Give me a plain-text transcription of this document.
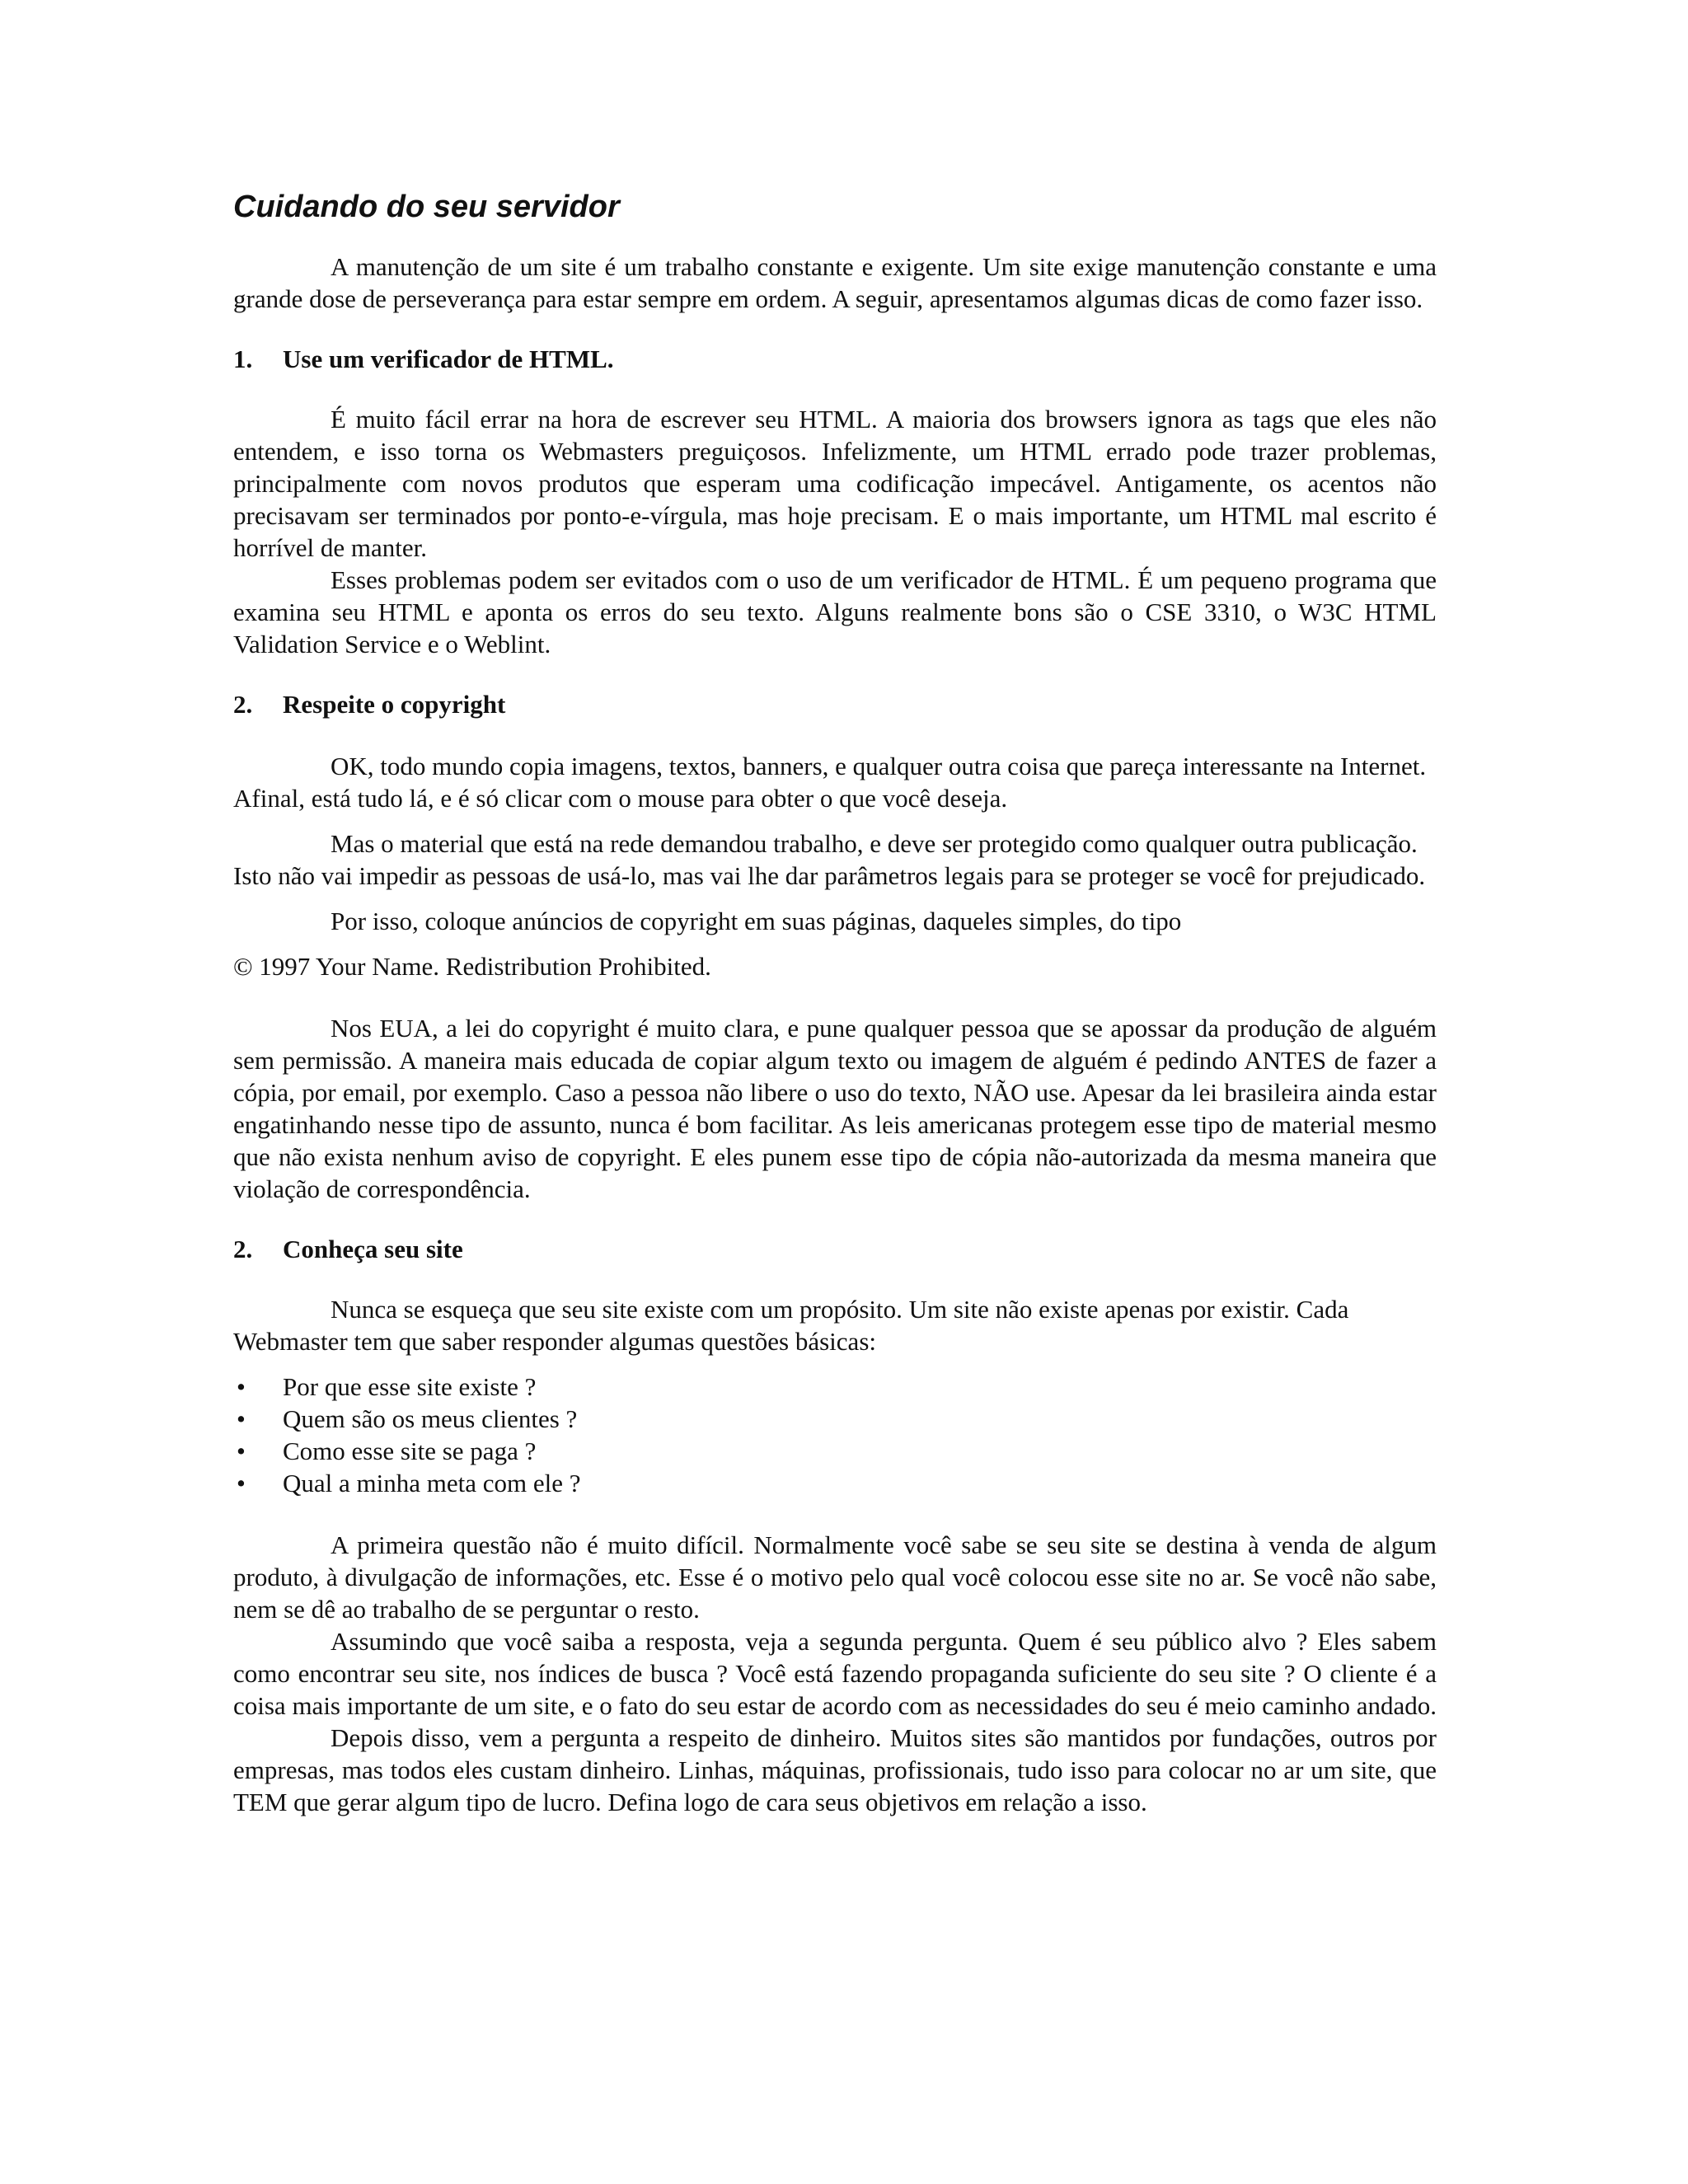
Cuidando do seu servidor

A manutenção de um site é um trabalho constante e exigente. Um site exige manutenção constante e uma grande dose de perseverança para estar sempre em ordem. A seguir, apresentamos algumas dicas de como fazer isso.

1.	Use um verificador de HTML.

É muito fácil errar na hora de escrever seu HTML. A maioria dos browsers ignora as tags que eles não entendem, e isso torna os Webmasters preguiçosos. Infelizmente, um HTML errado pode trazer problemas, principalmente com novos produtos que esperam uma codificação impecável. Antigamente, os acentos não precisavam ser terminados por ponto-e-vírgula, mas hoje precisam. E o mais importante, um HTML mal escrito é horrível de manter.

Esses problemas podem ser evitados com o uso de um verificador de HTML. É um pequeno programa que examina seu HTML e aponta os erros do seu texto. Alguns realmente bons são o CSE 3310, o W3C HTML Validation Service e o Weblint.

2.	Respeite o copyright

OK, todo mundo copia imagens, textos, banners, e qualquer outra coisa que pareça interessante na Internet. Afinal, está tudo lá, e é só clicar com o mouse para obter o que você deseja.

Mas o material que está na rede demandou trabalho, e deve ser protegido como qualquer outra publicação. Isto não vai impedir as pessoas de usá-lo, mas vai lhe dar parâmetros legais para se proteger se você for prejudicado.

Por isso, coloque anúncios de copyright em suas páginas, daqueles simples, do tipo

© 1997 Your Name. Redistribution Prohibited.

Nos EUA, a lei do copyright é muito clara, e pune qualquer pessoa que se apossar da produção de alguém sem permissão. A maneira mais educada de copiar algum texto ou imagem de alguém é pedindo ANTES de fazer a cópia, por email, por exemplo. Caso a pessoa não libere o uso do texto, NÃO use. Apesar da lei brasileira ainda estar engatinhando nesse tipo de assunto, nunca é bom facilitar. As leis americanas protegem esse tipo de material mesmo que não exista nenhum aviso de copyright. E eles punem esse tipo de cópia não-autorizada da mesma maneira que violação de correspondência.

2.	Conheça seu site

Nunca se esqueça que seu site existe com um propósito. Um site não existe apenas por existir. Cada Webmaster tem que saber responder algumas questões básicas:

•	Por que esse site existe ?
•	Quem são os meus clientes ?
•	Como esse site se paga ?
•	Qual a minha meta com ele ?

A primeira questão não é muito difícil. Normalmente você sabe se seu site se destina à venda de algum produto, à divulgação de informações, etc. Esse é o motivo pelo qual você colocou esse site no ar. Se você não sabe, nem se dê ao trabalho de se perguntar o resto.

Assumindo que você saiba a resposta, veja a segunda pergunta. Quem é seu público alvo ? Eles sabem como encontrar seu site, nos índices de busca ? Você está fazendo propaganda suficiente do seu site ? O cliente é a coisa mais importante de um site, e o fato do seu estar de acordo com as necessidades do seu é meio caminho andado.

Depois disso, vem a pergunta a respeito de dinheiro. Muitos sites são mantidos por fundações, outros por empresas, mas todos eles custam dinheiro. Linhas, máquinas, profissionais, tudo isso para colocar no ar um site, que TEM que gerar algum tipo de lucro. Defina logo de cara seus objetivos em relação a isso.
